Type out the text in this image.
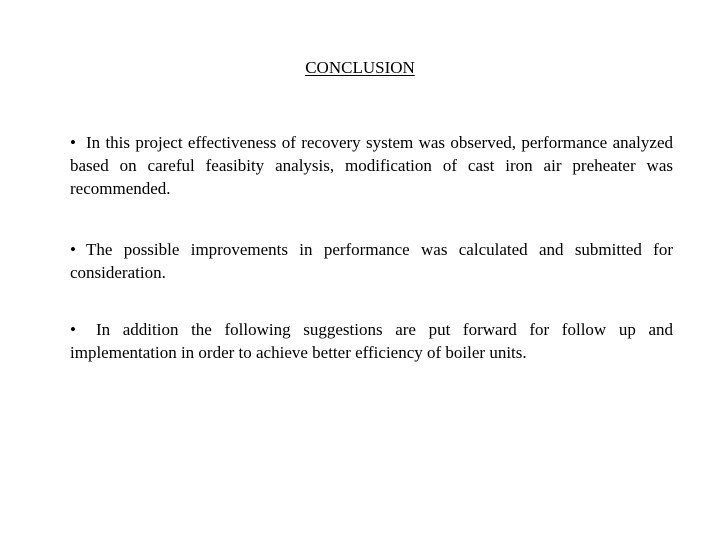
CONCLUSION

• In this project effectiveness of recovery system was observed, performance analyzed based on careful feasibity analysis, modification of cast iron air preheater was recommended.

• The possible improvements in performance was calculated and submitted for consideration.

• In addition the following suggestions are put forward for follow up and implementation in order to achieve better efficiency of boiler units.
